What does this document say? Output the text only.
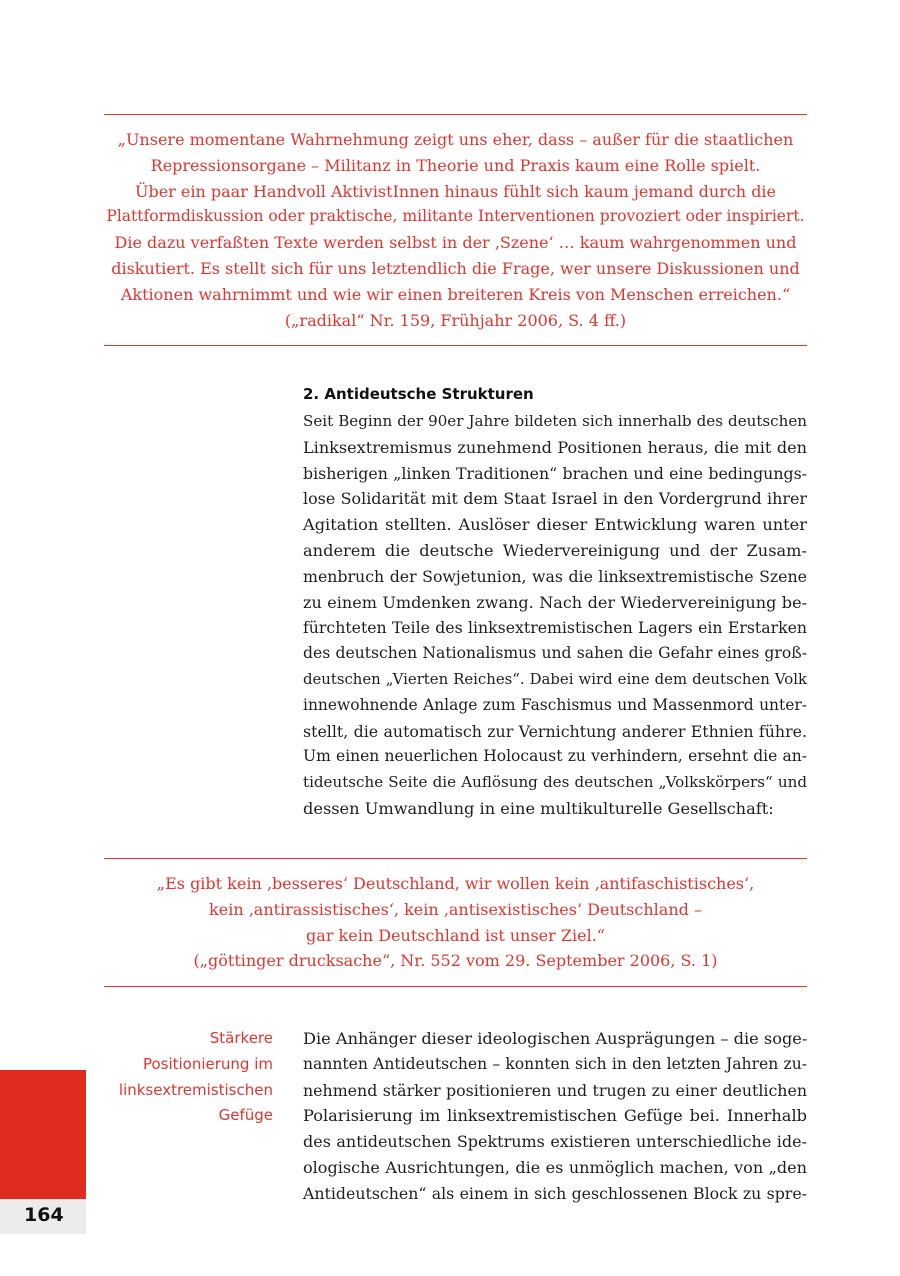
„Unsere momentane Wahrnehmung zeigt uns eher, dass – außer für die staatlichen
Repressionsorgane – Militanz in Theorie und Praxis kaum eine Rolle spielt.
Über ein paar Handvoll AktivistInnen hinaus fühlt sich kaum jemand durch die
Plattformdiskussion oder praktische, militante Interventionen provoziert oder inspiriert.
Die dazu verfaßten Texte werden selbst in der ‚Szene‘ … kaum wahrgenommen und
diskutiert. Es stellt sich für uns letztendlich die Frage, wer unsere Diskussionen und
Aktionen wahrnimmt und wie wir einen breiteren Kreis von Menschen erreichen.“
(„radikal“ Nr. 159, Frühjahr 2006, S. 4 ff.)
2. Antideutsche Strukturen
Seit Beginn der 90er Jahre bildeten sich innerhalb des deutschen
Linksextremismus zunehmend Positionen heraus, die mit den
bisherigen „linken Traditionen“ brachen und eine bedingungs-
lose Solidarität mit dem Staat Israel in den Vordergrund ihrer
Agitation stellten. Auslöser dieser Entwicklung waren unter
anderem die deutsche Wiedervereinigung und der Zusam-
menbruch der Sowjetunion, was die linksextremistische Szene
zu einem Umdenken zwang. Nach der Wiedervereinigung be-
fürchteten Teile des linksextremistischen Lagers ein Erstarken
des deutschen Nationalismus und sahen die Gefahr eines groß-
deutschen „Vierten Reiches“. Dabei wird eine dem deutschen Volk
innewohnende Anlage zum Faschismus und Massenmord unter-
stellt, die automatisch zur Vernichtung anderer Ethnien führe.
Um einen neuerlichen Holocaust zu verhindern, ersehnt die an-
tideutsche Seite die Auflösung des deutschen „Volkskörpers“ und
dessen Umwandlung in eine multikulturelle Gesellschaft:
„Es gibt kein ‚besseres‘ Deutschland, wir wollen kein ‚antifaschistisches‘,
kein ‚antirassistisches‘, kein ‚antisexistisches‘ Deutschland –
gar kein Deutschland ist unser Ziel.“
(„göttinger drucksache“, Nr. 552 vom 29. September 2006, S. 1)
Stärkere
Positionierung im
linksextremistischen
Gefüge
Die Anhänger dieser ideologischen Ausprägungen – die soge-
nannten Antideutschen – konnten sich in den letzten Jahren zu-
nehmend stärker positionieren und trugen zu einer deutlichen
Polarisierung im linksextremistischen Gefüge bei. Innerhalb
des antideutschen Spektrums existieren unterschiedliche ide-
ologische Ausrichtungen, die es unmöglich machen, von „den
Antideutschen“ als einem in sich geschlossenen Block zu spre-
164
